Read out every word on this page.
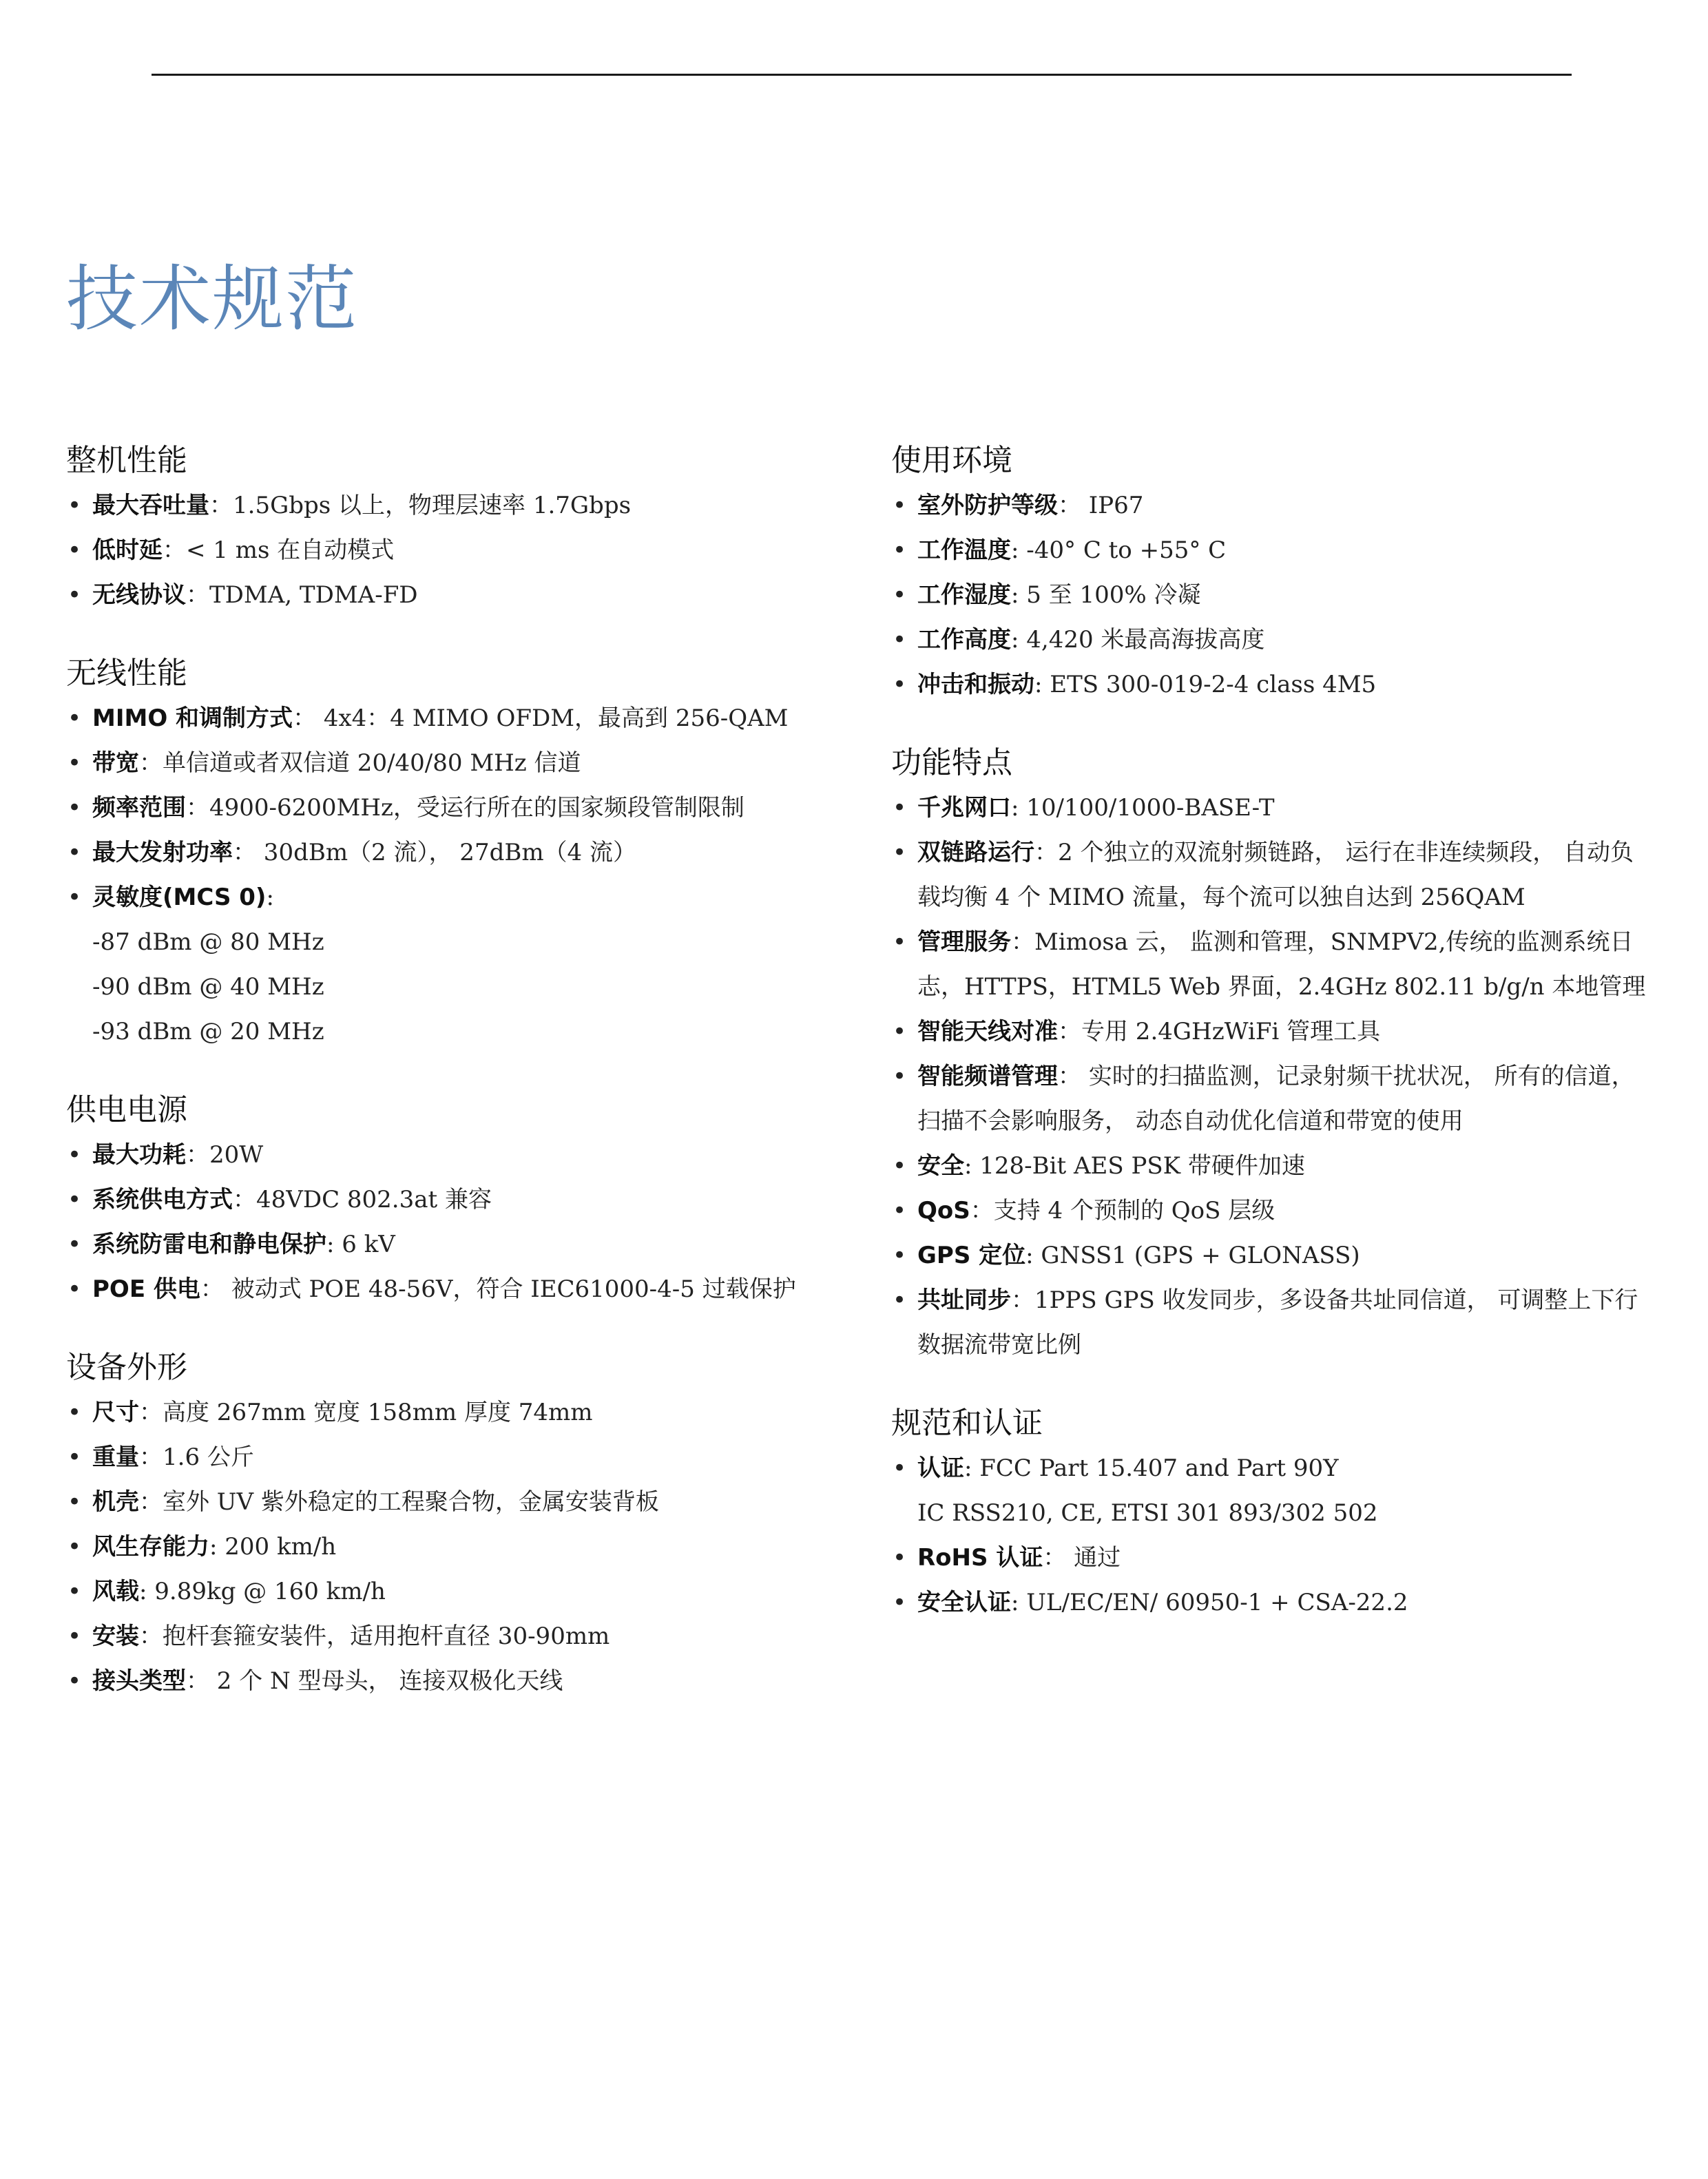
技术规范
整机性能
• 最大吞吐量：1.5Gbps 以上，物理层速率 1.7Gbps
• 低时延：< 1 ms 在自动模式
• 无线协议：TDMA, TDMA-FD
无线性能
• MIMO 和调制方式： 4x4：4 MIMO OFDM，最高到 256-QAM
• 带宽：单信道或者双信道 20/40/80 MHz 信道
• 频率范围：4900-6200MHz，受运行所在的国家频段管制限制
• 最大发射功率： 30dBm（2 流）， 27dBm（4 流）
• 灵敏度(MCS 0):
-87 dBm @ 80 MHz
-90 dBm @ 40 MHz
-93 dBm @ 20 MHz
供电电源
• 最大功耗：20W
• 系统供电方式：48VDC 802.3at 兼容
• 系统防雷电和静电保护: 6 kV
• POE 供电： 被动式 POE 48-56V，符合 IEC61000-4-5 过载保护
设备外形
• 尺寸：高度 267mm 宽度 158mm 厚度 74mm
• 重量：1.6 公斤
• 机壳：室外 UV 紫外稳定的工程聚合物，金属安装背板
• 风生存能力: 200 km/h
• 风载: 9.89kg @ 160 km/h
• 安装：抱杆套箍安装件，适用抱杆直径 30-90mm
• 接头类型： 2 个 N 型母头， 连接双极化天线
使用环境
• 室外防护等级： IP67
• 工作温度: -40° C to +55° C
• 工作湿度: 5 至 100% 冷凝
• 工作高度: 4,420 米最高海拔高度
• 冲击和振动: ETS 300-019-2-4 class 4M5
功能特点
• 千兆网口: 10/100/1000-BASE-T
• 双链路运行：2 个独立的双流射频链路， 运行在非连续频段， 自动负载均衡 4 个 MIMO 流量，每个流可以独自达到 256QAM
• 管理服务：Mimosa 云， 监测和管理，SNMPV2,传统的监测系统日志，HTTPS，HTML5 Web 界面，2.4GHz 802.11 b/g/n 本地管理
• 智能天线对准：专用 2.4GHzWiFi 管理工具
• 智能频谱管理： 实时的扫描监测，记录射频干扰状况， 所有的信道， 扫描不会影响服务， 动态自动优化信道和带宽的使用
• 安全: 128-Bit AES PSK 带硬件加速
• QoS：支持 4 个预制的 QoS 层级
• GPS 定位: GNSS1 (GPS + GLONASS)
• 共址同步：1PPS GPS 收发同步，多设备共址同信道， 可调整上下行数据流带宽比例
规范和认证
• 认证: FCC Part 15.407 and Part 90Y
IC RSS210, CE, ETSI 301 893/302 502
• RoHS 认证： 通过
• 安全认证: UL/EC/EN/ 60950-1 + CSA-22.2
